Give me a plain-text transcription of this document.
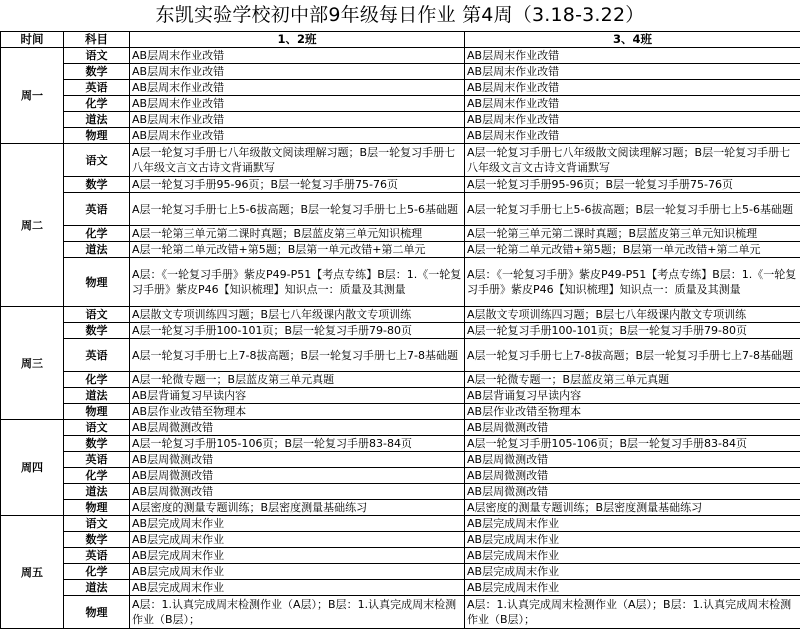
东凯实验学校初中部9年级每日作业 第4周（3.18-3.22）
时间	科目	1、2班	3、4班
周一	语文	AB层周末作业改错	AB层周末作业改错
	数学	AB层周末作业改错	AB层周末作业改错
	英语	AB层周末作业改错	AB层周末作业改错
	化学	AB层周末作业改错	AB层周末作业改错
	道法	AB层周末作业改错	AB层周末作业改错
	物理	AB层周末作业改错	AB层周末作业改错
周二	语文	A层一轮复习手册七八年级散文阅读理解习题；B层一轮复习手册七八年级文言文古诗文背诵默写	A层一轮复习手册七八年级散文阅读理解习题；B层一轮复习手册七八年级文言文古诗文背诵默写
	数学	A层一轮复习手册95-96页；B层一轮复习手册75-76页	A层一轮复习手册95-96页；B层一轮复习手册75-76页
	英语	A层一轮复习手册七上5-6拔高题；B层一轮复习手册七上5-6基础题	A层一轮复习手册七上5-6拔高题；B层一轮复习手册七上5-6基础题
	化学	A层一轮第三单元第二课时真题；B层蓝皮第三单元知识梳理	A层一轮第三单元第二课时真题；B层蓝皮第三单元知识梳理
	道法	A层一轮第二单元改错+第5题；B层第一单元改错+第二单元	A层一轮第二单元改错+第5题；B层第一单元改错+第二单元
	物理	A层：《一轮复习手册》紫皮P49-P51【考点专练】B层：1.《一轮复习手册》紫皮P46【知识梳理】知识点一：质量及其测量	A层：《一轮复习手册》紫皮P49-P51【考点专练】B层：1.《一轮复习手册》紫皮P46【知识梳理】知识点一：质量及其测量
周三	语文	A层散文专项训练四习题；B层七八年级课内散文专项训练	A层散文专项训练四习题；B层七八年级课内散文专项训练
	数学	A层一轮复习手册100-101页；B层一轮复习手册79-80页	A层一轮复习手册100-101页；B层一轮复习手册79-80页
	英语	A层一轮复习手册七上7-8拔高题；B层一轮复习手册七上7-8基础题	A层一轮复习手册七上7-8拔高题；B层一轮复习手册七上7-8基础题
	化学	A层一轮微专题一；B层蓝皮第三单元真题	A层一轮微专题一；B层蓝皮第三单元真题
	道法	AB层背诵复习早读内容	AB层背诵复习早读内容
	物理	AB层作业改错至物理本	AB层作业改错至物理本
周四	语文	AB层周微测改错	AB层周微测改错
	数学	A层一轮复习手册105-106页；B层一轮复习手册83-84页	A层一轮复习手册105-106页；B层一轮复习手册83-84页
	英语	AB层周微测改错	AB层周微测改错
	化学	AB层周微测改错	AB层周微测改错
	道法	AB层周微测改错	AB层周微测改错
	物理	A层密度的测量专题训练；B层密度测量基础练习	A层密度的测量专题训练；B层密度测量基础练习
周五	语文	AB层完成周末作业	AB层完成周末作业
	数学	AB层完成周末作业	AB层完成周末作业
	英语	AB层完成周末作业	AB层完成周末作业
	化学	AB层完成周末作业	AB层完成周末作业
	道法	AB层完成周末作业	AB层完成周末作业
	物理	A层：1.认真完成周末检测作业（A层）；B层：1.认真完成周末检测作业（B层）；	A层：1.认真完成周末检测作业（A层）；B层：1.认真完成周末检测作业（B层）；
